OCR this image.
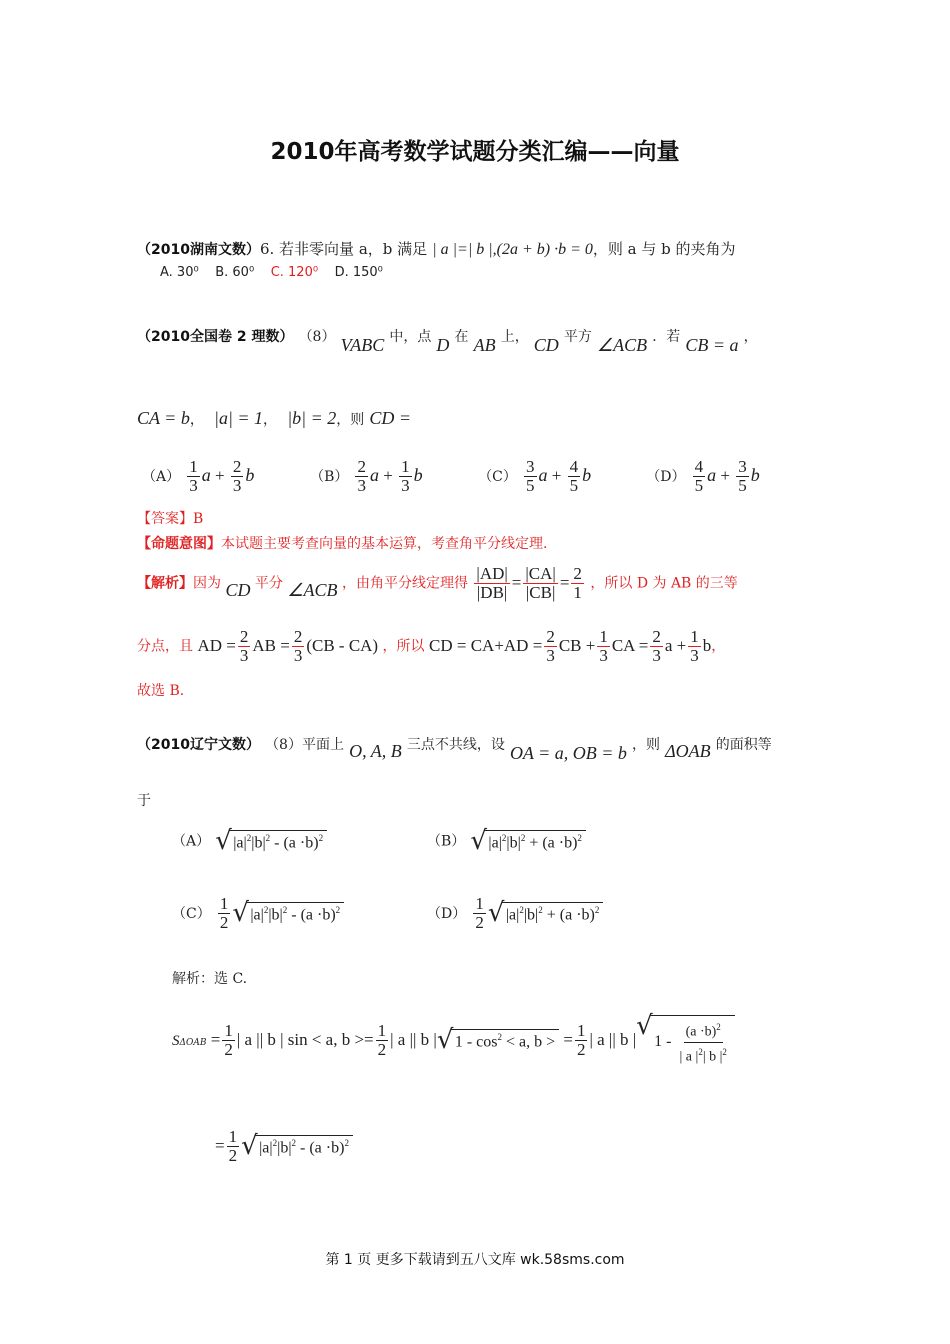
2010年高考数学试题分类汇编——向量
（2010湖南文数）6. 若非零向量 a，b 满足 | a |=| b |,(2a + b) ·b = 0，则 a 与 b 的夹角为
A. 30⁰ B. 60⁰ C. 120⁰ D. 150⁰
（2010全国卷 2 理数） （8） VABC 中，点 D 在 AB 上， CD 平方 ∠ACB ．若 CB = a ，
CA = b， |a| = 1， |b| = 2，则 CD =
$(A) \frac{1}{3}$ $a + \frac{2}{3}$ b	$(B) \frac{2}{3}$ $a + \frac{1}{3}$ b	$(C) \frac{3}{5}$ $a + \frac{4}{5}$ b	$(D) \frac{4}{5}$ $a + \frac{3}{5}$ b
【答案】B
【命题意图】本试题主要考查向量的基本运算，考查角平分线定理.
【解析】因为 CD 平分 ∠ACB ，由角平分线定理得 $\frac{|AD|}{|DB|} = \frac{|CA|}{|CB|} = \frac{2}{1}$ ，所以 D 为 AB 的三等
分点，且 AD = $\frac{2}{3}$ AB = $\frac{2}{3} (CB - CA)$ ，所以 CD = $CA+AD = \frac{2}{3}$ CB + $\frac{1}{3}$ CA = $\frac{2}{3}$ $a + \frac{1}{3}$ b，
故选 B.
（2010辽宁文数） （8）平面上 O, A, B 三点不共线，设 OA = a, OB = b ，则 ΔOAB 的面积等
于
（A） √ $|a|^2|b|^2 - (a \cdot b)^2$	（B） √ $|a|^2|b|^2 + (a \cdot b)^2$
$(C) \frac{1}{2}$ √ $|a|^2|b|^2 - (a \cdot b)^2$	$(D) \frac{1}{2}$ √ $|a|^2|b|^2 + (a \cdot b)^2$
解析：选 C.
$S\Delta OAB = \frac{1}{2}$ | a || b | sin < a, $b >= \frac{1}{2}$ | a || b | √ $1 - \cos^2 < a$, b > = $\frac{1}{2}$ | a || b | √
$1 - \frac{(a \cdot b)^2}{| a |^2| b |^2}$
= $\frac{1}{2}$ √ $|a|^2|b|^2 - (a \cdot b)^2$
第 1 页 更多下载请到五八文库 wk.58sms.com
